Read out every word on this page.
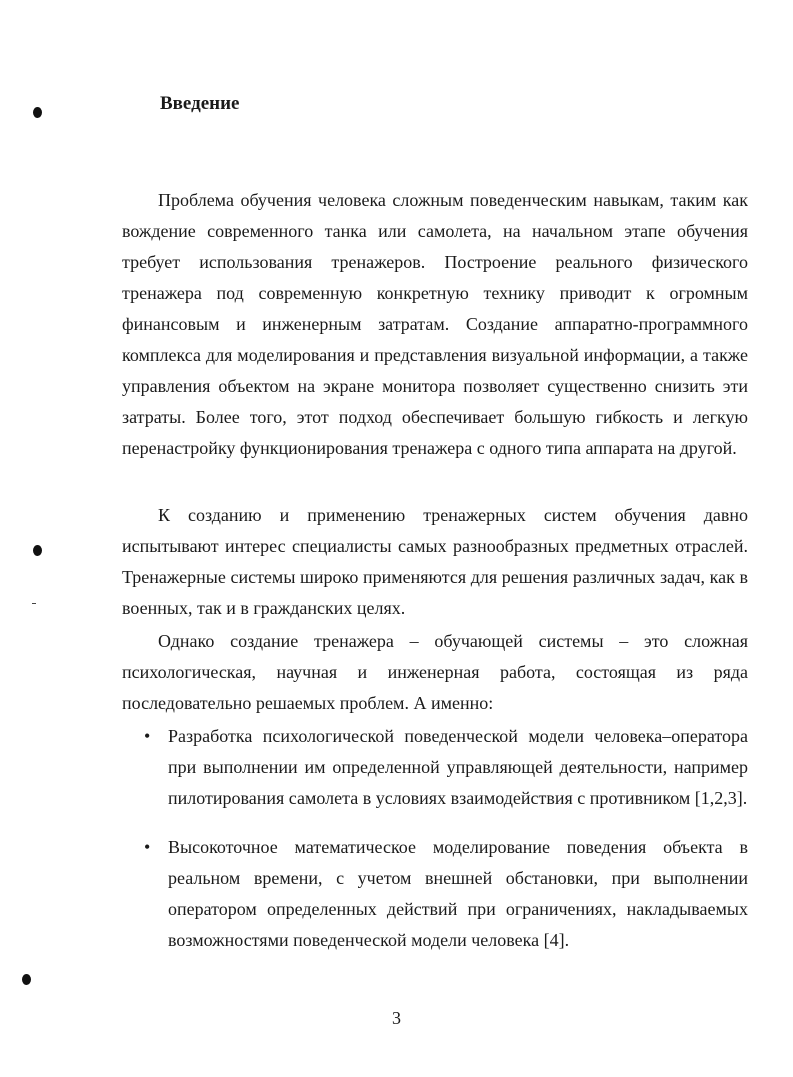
Введение

Проблема обучения человека сложным поведенческим навыкам, таким как вождение современного танка или самолета, на начальном этапе обучения требует использования тренажеров. Построение реального физического тренажера под современную конкретную технику приводит к огромным финансовым и инженерным затратам. Создание аппаратно-программного комплекса для моделирования и представления визуальной информации, а также управления объектом на экране монитора позволяет существенно снизить эти затраты. Более того, этот подход обеспечивает большую гибкость и легкую перенастройку функционирования тренажера с одного типа аппарата на другой.

К созданию и применению тренажерных систем обучения давно испытывают интерес специалисты самых разнообразных предметных отраслей. Тренажерные системы широко применяются для решения различных задач, как в военных, так и в гражданских целях.

Однако создание тренажера – обучающей системы – это сложная психологическая, научная и инженерная работа, состоящая из ряда последовательно решаемых проблем. А именно:

• Разработка психологической поведенческой модели человека–оператора при выполнении им определенной управляющей деятельности, например пилотирования самолета в условиях взаимодействия с противником [1,2,3].
• Высокоточное математическое моделирование поведения объекта в реальном времени, с учетом внешней обстановки, при выполнении оператором определенных действий при ограничениях, накладываемых возможностями поведенческой модели человека [4].
3
